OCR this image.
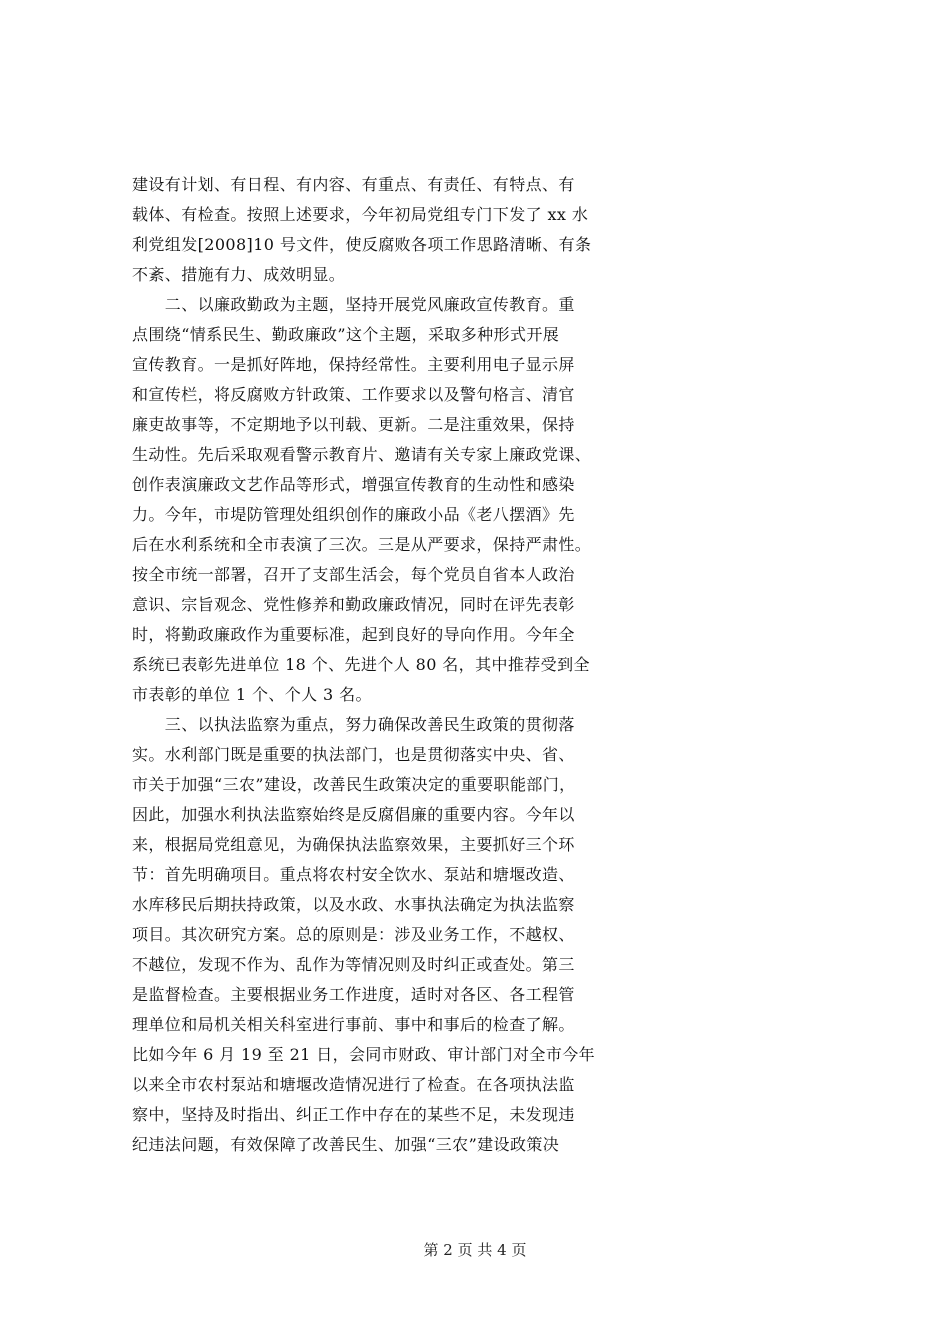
建设有计划、有日程、有内容、有重点、有责任、有特点、有
载体、有检查。按照上述要求，今年初局党组专门下发了 xx 水
利党组发[2008]10 号文件，使反腐败各项工作思路清晰、有条
不紊、措施有力、成效明显。
　　二、以廉政勤政为主题，坚持开展党风廉政宣传教育。重
点围绕“情系民生、勤政廉政”这个主题，采取多种形式开展
宣传教育。一是抓好阵地，保持经常性。主要利用电子显示屏
和宣传栏，将反腐败方针政策、工作要求以及警句格言、清官
廉吏故事等，不定期地予以刊载、更新。二是注重效果，保持
生动性。先后采取观看警示教育片、邀请有关专家上廉政党课、
创作表演廉政文艺作品等形式，增强宣传教育的生动性和感染
力。今年，市堤防管理处组织创作的廉政小品《老八摆酒》先
后在水利系统和全市表演了三次。三是从严要求，保持严肃性。
按全市统一部署，召开了支部生活会，每个党员自省本人政治
意识、宗旨观念、党性修养和勤政廉政情况，同时在评先表彰
时，将勤政廉政作为重要标准，起到良好的导向作用。今年全
系统已表彰先进单位 18 个、先进个人 80 名，其中推荐受到全
市表彰的单位 1 个、个人 3 名。
　　三、以执法监察为重点，努力确保改善民生政策的贯彻落
实。水利部门既是重要的执法部门，也是贯彻落实中央、省、
市关于加强“三农”建设，改善民生政策决定的重要职能部门，
因此，加强水利执法监察始终是反腐倡廉的重要内容。今年以
来，根据局党组意见，为确保执法监察效果，主要抓好三个环
节：首先明确项目。重点将农村安全饮水、泵站和塘堰改造、
水库移民后期扶持政策，以及水政、水事执法确定为执法监察
项目。其次研究方案。总的原则是：涉及业务工作，不越权、
不越位，发现不作为、乱作为等情况则及时纠正或查处。第三
是监督检查。主要根据业务工作进度，适时对各区、各工程管
理单位和局机关相关科室进行事前、事中和事后的检查了解。
比如今年 6 月 19 至 21 日，会同市财政、审计部门对全市今年
以来全市农村泵站和塘堰改造情况进行了检查。在各项执法监
察中，坚持及时指出、纠正工作中存在的某些不足，未发现违
纪违法问题，有效保障了改善民生、加强“三农”建设政策决
第 2 页 共 4 页
